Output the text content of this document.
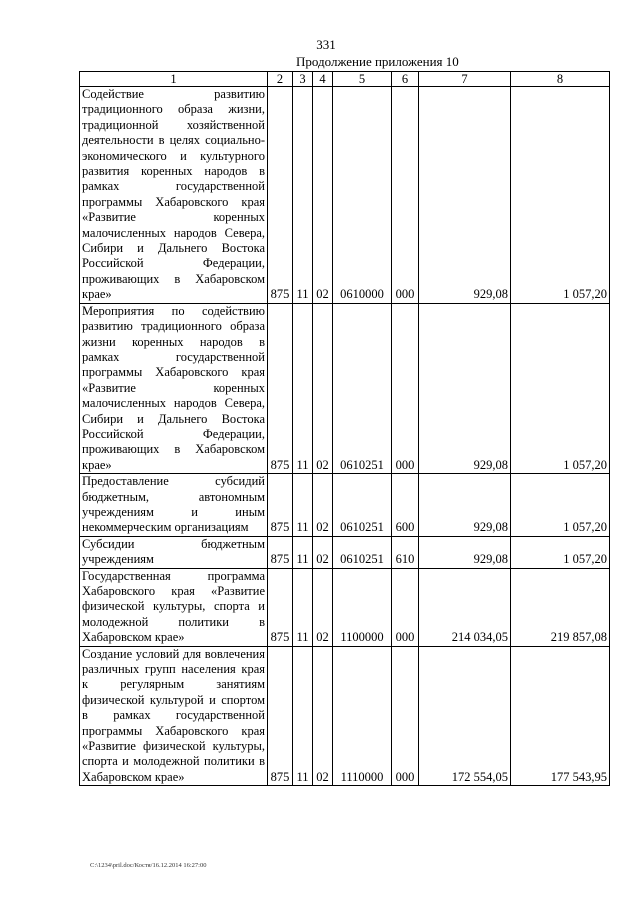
331
Продолжение приложения 10
1	2	3	4	5	6	7	8
Содействие развитию традиционного образа жизни, традиционной хозяйственной деятельности в целях социально-экономического и культурного развития коренных народов в рамках государственной программы Хабаровского края «Развитие коренных малочисленных народов Севера, Сибири и Дальнего Востока Российской Федерации, проживающих в Хабаровском крае»	875	11	02	0610000	000	929,08	1 057,20
Мероприятия по содействию развитию традиционного образа жизни коренных народов в рамках государственной программы Хабаровского края «Развитие коренных малочисленных народов Севера, Сибири и Дальнего Востока Российской Федерации, проживающих в Хабаровском крае»	875	11	02	0610251	000	929,08	1 057,20
Предоставление субсидий бюджетным, автономным учреждениям и иным некоммерческим организациям	875	11	02	0610251	600	929,08	1 057,20
Субсидии бюджетным учреждениям	875	11	02	0610251	610	929,08	1 057,20
Государственная программа Хабаровского края «Развитие физической культуры, спорта и молодежной политики в Хабаровском крае»	875	11	02	1100000	000	214 034,05	219 857,08
Создание условий для вовлечения различных групп населения края к регулярным занятиям физической культурой и спортом в рамках государственной программы Хабаровского края «Развитие физической культуры, спорта и молодежной политики в Хабаровском крае»	875	11	02	1110000	000	172 554,05	177 543,95
C:\1234\pril.doc/Костя/16.12.2014 16:27:00
